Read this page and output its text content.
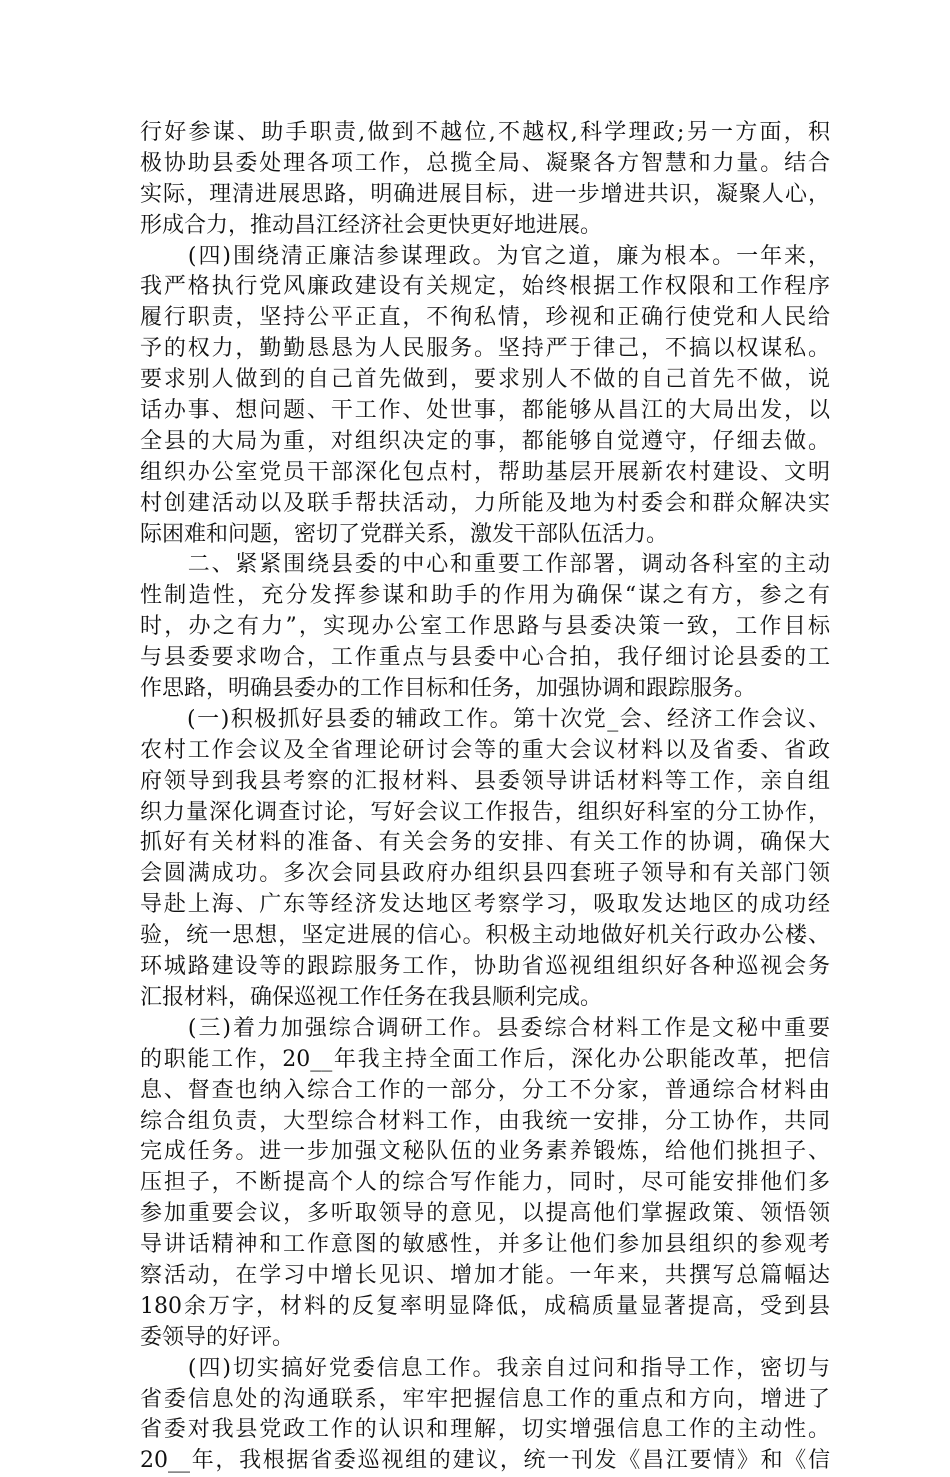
行好参谋、助手职责,做到不越位,不越权,科学理政;另一方面，积
极协助县委处理各项工作，总揽全局、凝聚各方智慧和力量。结合
实际，理清进展思路，明确进展目标，进一步增进共识，凝聚人心，
形成合力，推动昌江经济社会更快更好地进展。
　　(四)围绕清正廉洁参谋理政。为官之道，廉为根本。一年来，
我严格执行党风廉政建设有关规定，始终根据工作权限和工作程序
履行职责，坚持公平正直，不徇私情，珍视和正确行使党和人民给
予的权力，勤勤恳恳为人民服务。坚持严于律己，不搞以权谋私。
要求别人做到的自己首先做到，要求别人不做的自己首先不做，说
话办事、想问题、干工作、处世事，都能够从昌江的大局出发，以
全县的大局为重，对组织决定的事，都能够自觉遵守，仔细去做。
组织办公室党员干部深化包点村，帮助基层开展新农村建设、文明
村创建活动以及联手帮扶活动，力所能及地为村委会和群众解决实
际困难和问题，密切了党群关系，激发干部队伍活力。
　　二、紧紧围绕县委的中心和重要工作部署，调动各科室的主动
性制造性，充分发挥参谋和助手的作用为确保“谋之有方，参之有
时，办之有力”，实现办公室工作思路与县委决策一致，工作目标
与县委要求吻合，工作重点与县委中心合拍，我仔细讨论县委的工
作思路，明确县委办的工作目标和任务，加强协调和跟踪服务。
　　(一)积极抓好县委的辅政工作。第十次党_会、经济工作会议、
农村工作会议及全省理论研讨会等的重大会议材料以及省委、省政
府领导到我县考察的汇报材料、县委领导讲话材料等工作，亲自组
织力量深化调查讨论，写好会议工作报告，组织好科室的分工协作，
抓好有关材料的准备、有关会务的安排、有关工作的协调，确保大
会圆满成功。多次会同县政府办组织县四套班子领导和有关部门领
导赴上海、广东等经济发达地区考察学习，吸取发达地区的成功经
验，统一思想，坚定进展的信心。积极主动地做好机关行政办公楼、
环城路建设等的跟踪服务工作，协助省巡视组组织好各种巡视会务
汇报材料，确保巡视工作任务在我县顺利完成。
　　(三)着力加强综合调研工作。县委综合材料工作是文秘中重要
的职能工作，20__年我主持全面工作后，深化办公职能改革，把信
息、督查也纳入综合工作的一部分，分工不分家，普通综合材料由
综合组负责，大型综合材料工作，由我统一安排，分工协作，共同
完成任务。进一步加强文秘队伍的业务素养锻炼，给他们挑担子、
压担子，不断提高个人的综合写作能力，同时，尽可能安排他们多
参加重要会议，多听取领导的意见，以提高他们掌握政策、领悟领
导讲话精神和工作意图的敏感性，并多让他们参加县组织的参观考
察活动，在学习中增长见识、增加才能。一年来，共撰写总篇幅达
180余万字，材料的反复率明显降低，成稿质量显著提高，受到县
委领导的好评。
　　(四)切实搞好党委信息工作。我亲自过问和指导工作，密切与
省委信息处的沟通联系，牢牢把握信息工作的重点和方向，增进了
省委对我县党政工作的认识和理解，切实增强信息工作的主动性。
20__年，我根据省委巡视组的建议，统一刊发《昌江要情》和《信
